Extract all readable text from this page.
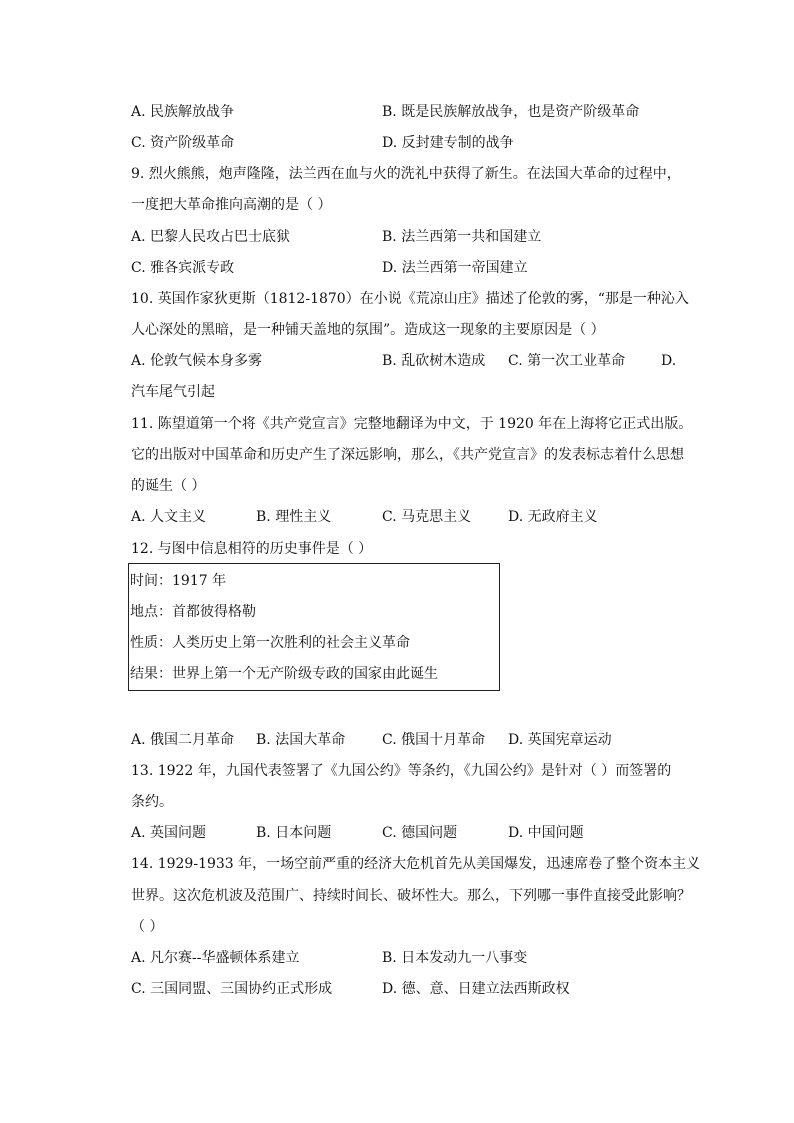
A. 民族解放战争	B. 既是民族解放战争，也是资产阶级革命
C. 资产阶级革命	D. 反封建专制的战争
9. 烈火熊熊，炮声隆隆，法兰西在血与火的洗礼中获得了新生。在法国大革命的过程中，
一度把大革命推向高潮的是（ ）
A. 巴黎人民攻占巴士底狱	B. 法兰西第一共和国建立
C. 雅各宾派专政	D. 法兰西第一帝国建立
10. 英国作家狄更斯（1812-1870）在小说《荒凉山庄》描述了伦敦的雾，“那是一种沁入
人心深处的黑暗，是一种铺天盖地的氛围”。造成这一现象的主要原因是（ ）
A. 伦敦气候本身多雾	B. 乱砍树木造成 C. 第一次工业革命	D.
汽车尾气引起
11. 陈望道第一个将《共产党宣言》完整地翻译为中文，于 1920 年在上海将它正式出版。
它的出版对中国革命和历史产生了深远影响，那么，《共产党宣言》的发表标志着什么思想
的诞生（ ）
A. 人文主义	B. 理性主义	C. 马克思主义	D. 无政府主义
12. 与图中信息相符的历史事件是（ ）
时间：1917 年
地点：首都彼得格勒
性质：人类历史上第一次胜利的社会主义革命
结果：世界上第一个无产阶级专政的国家由此诞生
A. 俄国二月革命 B. 法国大革命	C. 俄国十月革命 D. 英国宪章运动
13. 1922 年，九国代表签署了《九国公约》等条约，《九国公约》是针对（ ）而签署的
条约。
A. 英国问题	B. 日本问题	C. 德国问题	D. 中国问题
14. 1929-1933 年，一场空前严重的经济大危机首先从美国爆发，迅速席卷了整个资本主义
世界。这次危机波及范围广、持续时间长、破坏性大。那么，下列哪一事件直接受此影响？
（ ）
A. 凡尔赛--华盛顿体系建立	B. 日本发动九一八事变
C. 三国同盟、三国协约正式形成	D. 德、意、日建立法西斯政权
